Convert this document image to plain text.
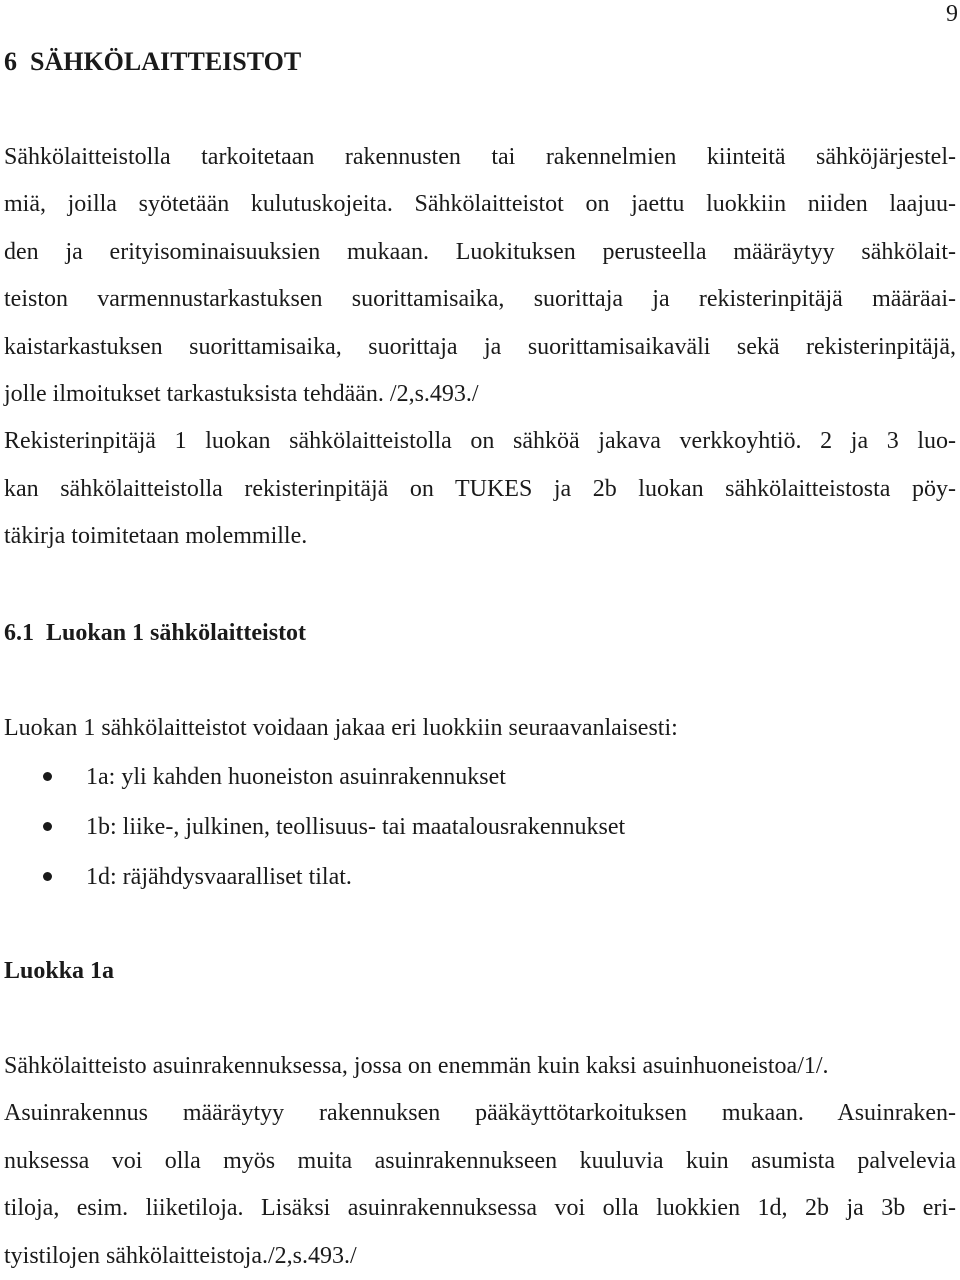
9
6  SÄHKÖLAITTEISTOT
Sähkölaitteistolla tarkoitetaan rakennusten tai rakennelmien kiinteitä sähköjärjestel-
miä, joilla syötetään kulutuskojeita. Sähkölaitteistot on jaettu luokkiin niiden laajuu-
den ja erityisominaisuuksien mukaan. Luokituksen perusteella määräytyy sähkölait-
teiston varmennustarkastuksen suorittamisaika, suorittaja ja rekisterinpitäjä määräai-
kaistarkastuksen suorittamisaika, suorittaja ja suorittamisaikaväli sekä rekisterinpitäjä,
jolle ilmoitukset tarkastuksista tehdään. /2,s.493./
Rekisterinpitäjä 1 luokan sähkölaitteistolla on sähköä jakava verkkoyhtiö. 2 ja 3 luo-
kan sähkölaitteistolla rekisterinpitäjä on TUKES ja 2b luokan sähkölaitteistosta pöy-
täkirja toimitetaan molemmille.
6.1  Luokan 1 sähkölaitteistot
Luokan 1 sähkölaitteistot voidaan jakaa eri luokkiin seuraavanlaisesti:
1a: yli kahden huoneiston asuinrakennukset
1b: liike-, julkinen, teollisuus- tai maatalousrakennukset
1d: räjähdysvaaralliset tilat.
Luokka 1a
Sähkölaitteisto asuinrakennuksessa, jossa on enemmän kuin kaksi asuinhuoneistoa/1/.
Asuinrakennus määräytyy rakennuksen pääkäyttötarkoituksen mukaan. Asuinraken-
nuksessa voi olla myös muita asuinrakennukseen kuuluvia kuin asumista palvelevia
tiloja, esim. liiketiloja. Lisäksi asuinrakennuksessa voi olla luokkien 1d, 2b ja 3b eri-
tyistilojen sähkölaitteistoja./2,s.493./
